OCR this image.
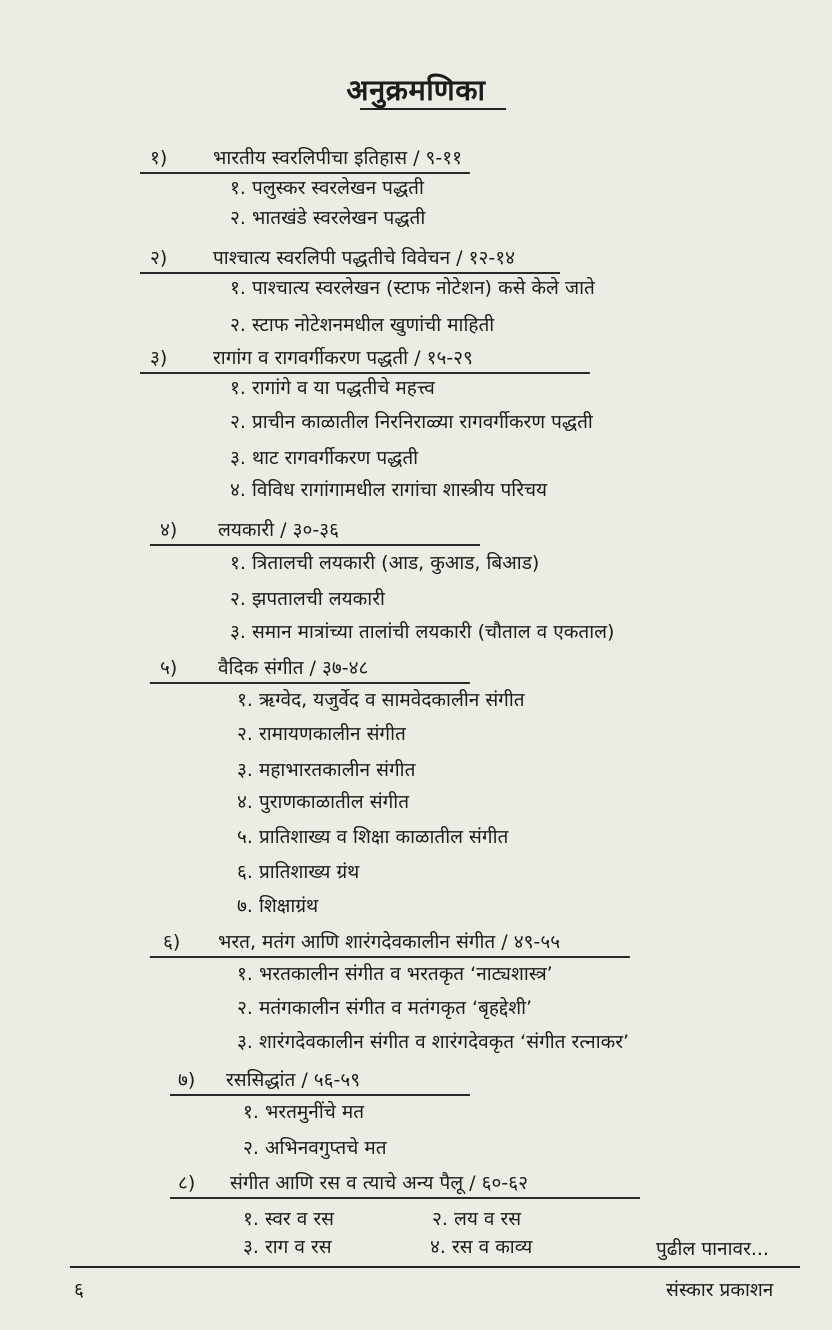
अनुक्रमणिका
१) भारतीय स्वरलिपीचा इतिहास / ९-११
१. पलुस्कर स्वरलेखन पद्धती
२. भातखंडे स्वरलेखन पद्धती
२) पाश्चात्य स्वरलिपी पद्धतीचे विवेचन / १२-१४
१. पाश्चात्य स्वरलेखन (स्टाफ नोटेशन) कसे केले जाते
२. स्टाफ नोटेशनमधील खुणांची माहिती
३) रागांग व रागवर्गीकरण पद्धती / १५-२९
१. रागांगे व या पद्धतीचे महत्त्व
२. प्राचीन काळातील निरनिराळ्या रागवर्गीकरण पद्धती
३. थाट रागवर्गीकरण पद्धती
४. विविध रागांगामधील रागांचा शास्त्रीय परिचय
४) लयकारी / ३०-३६
१. त्रितालची लयकारी (आड, कुआड, बिआड)
२. झपतालची लयकारी
३. समान मात्रांच्या तालांची लयकारी (चौताल व एकताल)
५) वैदिक संगीत / ३७-४८
१. ऋग्वेद, यजुर्वेद व सामवेदकालीन संगीत
२. रामायणकालीन संगीत
३. महाभारतकालीन संगीत
४. पुराणकाळातील संगीत
५. प्रातिशाख्य व शिक्षा काळातील संगीत
६. प्रातिशाख्य ग्रंथ
७. शिक्षाग्रंथ
६) भरत, मतंग आणि शारंगदेवकालीन संगीत / ४९-५५
१. भरतकालीन संगीत व भरतकृत ‘नाट्यशास्त्र’
२. मतंगकालीन संगीत व मतंगकृत ‘बृहद्देशी’
३. शारंगदेवकालीन संगीत व शारंगदेवकृत ‘संगीत रत्नाकर’
७) रससिद्धांत / ५६-५९
१. भरतमुनींचे मत
२. अभिनवगुप्तचे मत
८) संगीत आणि रस व त्याचे अन्य पैलू / ६०-६२
१. स्वर व रस	२. लय व रस
३. राग व रस	४. रस व काव्य	पुढील पानावर...
६	संस्कार प्रकाशन
